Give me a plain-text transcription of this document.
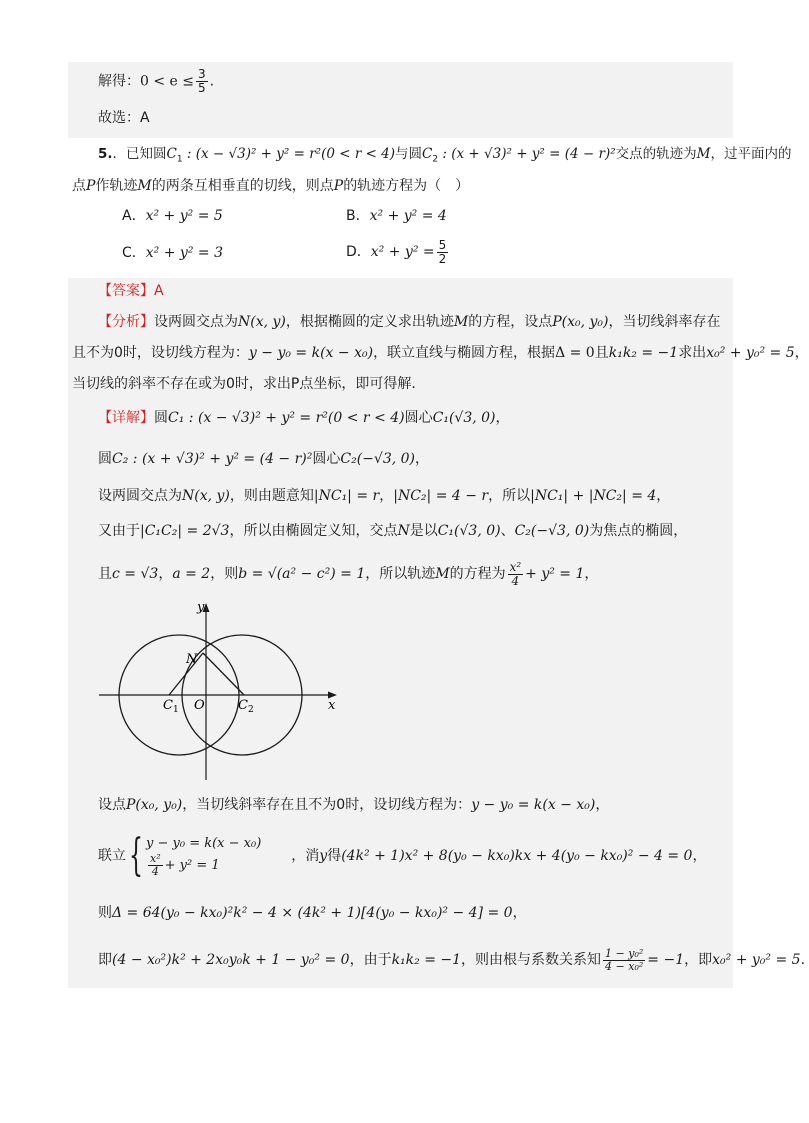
解得：$0 < e \le \frac{3}{5}$ .
故选：A
5.．已知圆$C_1$ : (x − √3)² + y² = r²(0 < r < 4)与圆$C_2$ : (x + √3)² + y² = (4 − r)²交点的轨迹为M，过平面内的
点P作轨迹M的两条互相垂直的切线，则点P的轨迹方程为（　）
A．x² + y² = 5	B．x² + y² = 4
C．x² + y² = 3	D．$x^2 + y^2 = \frac{5}{2}$
【答案】A
【分析】设两圆交点为N(x, y)，根据椭圆的定义求出轨迹M的方程，设点P(x₀, y₀)，当切线斜率存在
且不为0时，设切线方程为：y − y₀ = k(x − x₀)，联立直线与椭圆方程，根据Δ = 0且k₁k₂ = −1求出x₀² + y₀² = 5，
当切线的斜率不存在或为0时，求出P点坐标，即可得解.
【详解】圆C₁ : (x − √3)² + y² = r²(0 < r < 4)圆心C₁(√3, 0)，
圆C₂ : (x + √3)² + y² = (4 − r)²圆心C₂(−√3, 0)，
设两圆交点为N(x, y)，则由题意知|NC₁| = r，|NC₂| = 4 − r，所以|NC₁| + |NC₂| = 4，
又由于|C₁C₂| = 2√3，所以由椭圆定义知，交点N是以C₁(√3, 0)、C₂(−√3, 0)为焦点的椭圆，
且c = √3，a = 2，则b = √(a² − c²) = 1，所以轨迹M的方程为 $\frac{\text{x²}}{4} + y^2 = 1$，
y
x
N
$C_1$ O	$C_2$
设点P(x₀, y₀)，当切线斜率存在且不为0时，设切线方程为：y − y₀ = k(x − x₀)，
联立{ y − y₀ = k(x − x₀)
$\frac{\text{x²}}{4} + y^2 = 1$
，消y得(4k² + 1)x² + 8(y₀ − kx₀)kx + 4(y₀ − kx₀)² − 4 = 0，
则Δ = 64(y₀ − kx₀)²k² − 4 × (4k² + 1)[4(y₀ − kx₀)² − 4] = 0，
即(4 − x₀²)k² + 2x₀y₀k + 1 − y₀² = 0，由于k₁k₂ = −1，则由根与系数关系知 $\frac{\text{1 − y₀²}}{\text{4 − x₀²}} = -1$，即x₀² + y₀² = 5.
